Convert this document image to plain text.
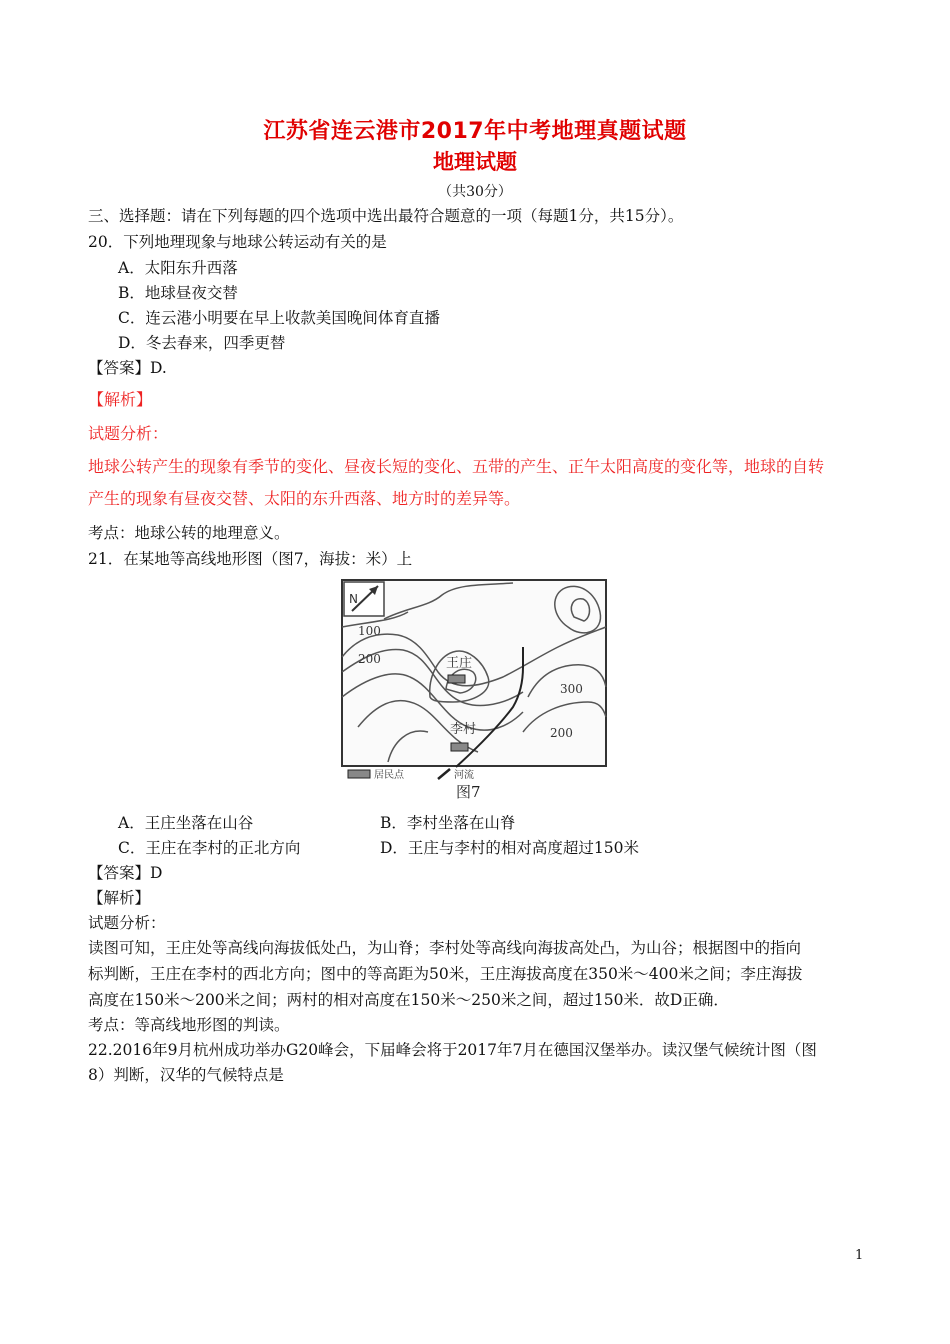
江苏省连云港市2017年中考地理真题试题
地理试题
（共30分）
三、选择题：请在下列每题的四个选项中选出最符合题意的一项（每题1分，共15分）。
20．下列地理现象与地球公转运动有关的是
A．太阳东升西落
B．地球昼夜交替
C．连云港小明要在早上收款美国晚间体育直播
D．冬去春来，四季更替
【答案】D.
【解析】
试题分析：
地球公转产生的现象有季节的变化、昼夜长短的变化、五带的产生、正午太阳高度的变化等，地球的自转
产生的现象有昼夜交替、太阳的东升西落、地方时的差异等。
考点：地球公转的地理意义。
21．在某地等高线地形图（图7，海拔：米）上
N
100
200
300
200
王庄
李村
居民点	河流
图7
A．王庄坐落在山谷	B．李村坐落在山脊
C．王庄在李村的正北方向	D．王庄与李村的相对高度超过150米
【答案】D
【解析】
试题分析：
读图可知，王庄处等高线向海拔低处凸，为山脊；李村处等高线向海拔高处凸，为山谷；根据图中的指向
标判断，王庄在李村的西北方向；图中的等高距为50米，王庄海拔高度在350米～400米之间；李庄海拔
高度在150米～200米之间；两村的相对高度在150米～250米之间，超过150米．故D正确．
考点：等高线地形图的判读。
22.2016年9月杭州成功举办G20峰会，下届峰会将于2017年7月在德国汉堡举办。读汉堡气候统计图（图
8）判断，汉华的气候特点是
1
